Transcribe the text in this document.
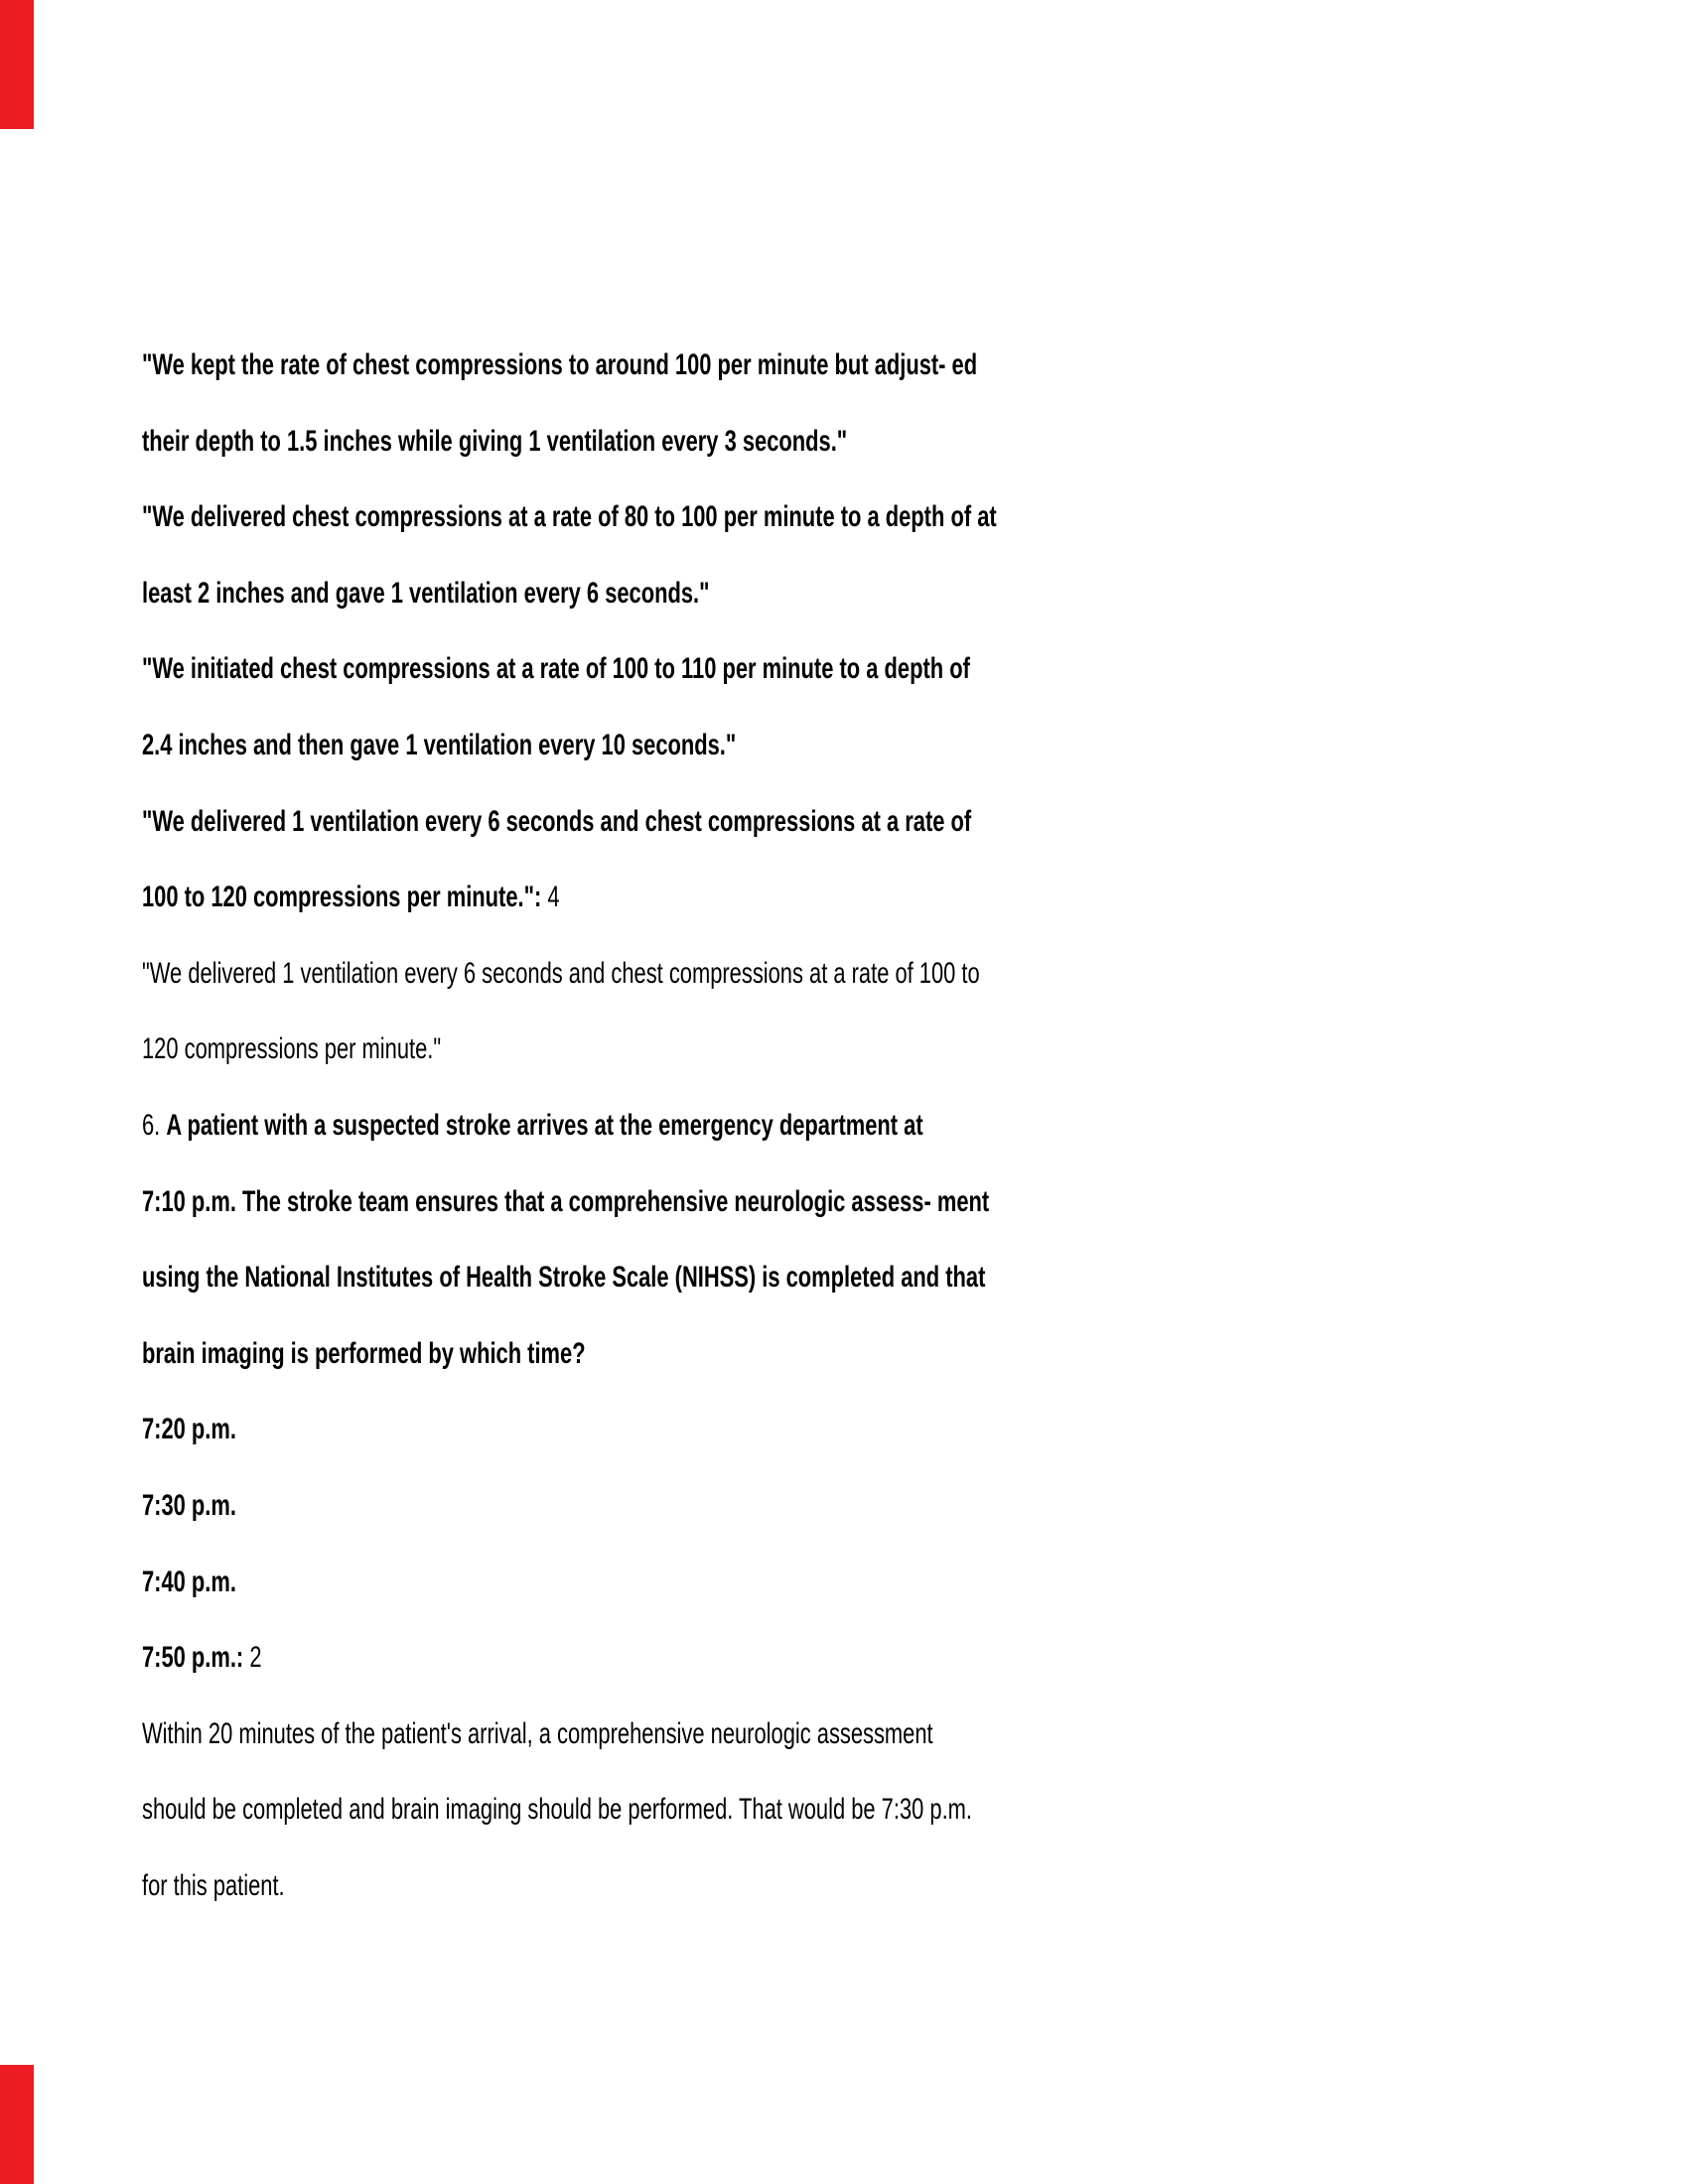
"We kept the rate of chest compressions to around 100 per minute but adjust- ed

their depth to 1.5 inches while giving 1 ventilation every 3 seconds."

"We delivered chest compressions at a rate of 80 to 100 per minute to a depth of at

least 2 inches and gave 1 ventilation every 6 seconds."

"We initiated chest compressions at a rate of 100 to 110 per minute to a depth of

2.4 inches and then gave 1 ventilation every 10 seconds."

"We delivered 1 ventilation every 6 seconds and chest compressions at a rate of

100 to 120 compressions per minute.": 4

"We delivered 1 ventilation every 6 seconds and chest compressions at a rate of 100 to

120 compressions per minute."

6. A patient with a suspected stroke arrives at the emergency department at

7:10 p.m. The stroke team ensures that a comprehensive neurologic assess- ment

using the National Institutes of Health Stroke Scale (NIHSS) is completed and that

brain imaging is performed by which time?

7:20 p.m.

7:30 p.m.

7:40 p.m.

7:50 p.m.: 2

Within 20 minutes of the patient's arrival, a comprehensive neurologic assessment

should be completed and brain imaging should be performed. That would be 7:30 p.m.

for this patient.
